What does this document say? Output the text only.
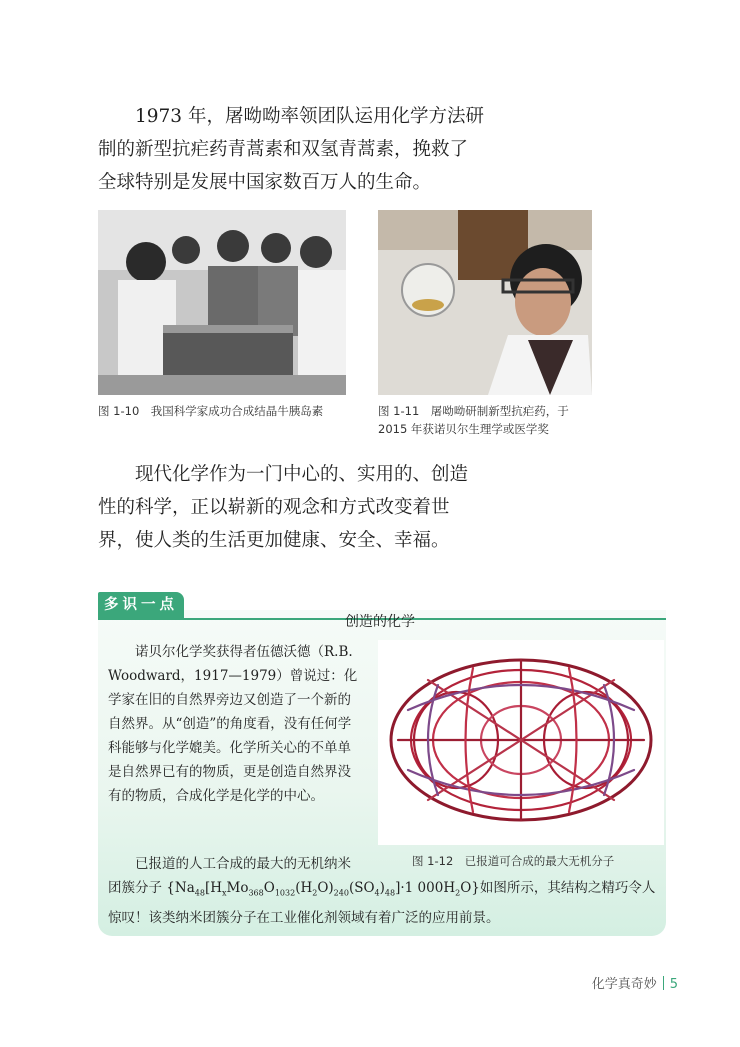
1973 年，屠呦呦率领团队运用化学方法研制的新型抗疟药青蒿素和双氢青蒿素，挽救了全球特别是发展中国家数百万人的生命。

图 1-10　我国科学家成功合成结晶牛胰岛素	图 1-11　屠呦呦研制新型抗疟药，于 2015 年获诺贝尔生理学或医学奖

现代化学作为一门中心的、实用的、创造性的科学，正以崭新的观念和方式改变着世界，使人类的生活更加健康、安全、幸福。

多识一点
创造的化学

诺贝尔化学奖获得者伍德沃德（R.B. Woodward，1917—1979）曾说过：化学家在旧的自然界旁边又创造了一个新的自然界。从“创造”的角度看，没有任何学科能够与化学媲美。化学所关心的不单单是自然界已有的物质，更是创造自然界没有的物质，合成化学是化学的中心。

已报道的人工合成的最大的无机纳米	图 1-12　已报道可合成的最大无机分子

团簇分子 {$Na_{48}[H_xMo_{368}O_{1032}(H_2O)_{240}(SO_4)_{48}]\cdot 1$ $000H_2O$}如图所示，其结构之精巧令人惊叹！该类纳米团簇分子在工业催化剂领域有着广泛的应用前景。

化学真奇妙 5
